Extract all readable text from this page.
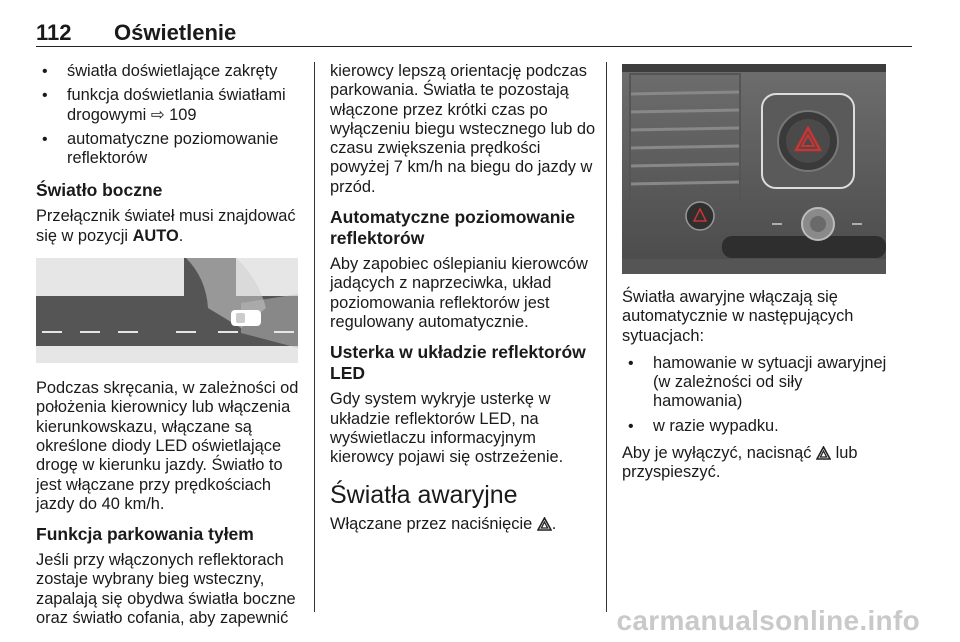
112 Oświetlenie
• światła doświetlające zakręty
• funkcja doświetlania światłami drogowymi ⇨ 109
• automatyczne poziomowanie reflektorów
Światło boczne

Przełącznik świateł musi znajdować się w pozycji AUTO.

Podczas skręcania, w zależności od położenia kierownicy lub włączenia kierunkowskazu, włączane są określone diody LED oświetlające drogę w kierunku jazdy. Światło to jest włączane przy prędkościach jazdy do 40 km/h.

Funkcja parkowania tyłem

Jeśli przy włączonych reflektorach zostaje wybrany bieg wsteczny, zapalają się obydwa światła boczne oraz światło cofania, aby zapewnić

kierowcy lepszą orientację podczas parkowania. Światła te pozostają włączone przez krótki czas po wyłączeniu biegu wstecznego lub do czasu zwiększenia prędkości powyżej 7 km/h na biegu do jazdy w przód.

Automatyczne poziomowanie reflektorów

Aby zapobiec oślepianiu kierowców jadących z naprzeciwka, układ poziomowania reflektorów jest regulowany automatycznie.

Usterka w układzie reflektorów LED

Gdy system wykryje usterkę w układzie reflektorów LED, na wyświetlaczu informacyjnym kierowcy pojawi się ostrzeżenie.

Światła awaryjne

Włączane przez naciśnięcie .

Światła awaryjne włączają się automatycznie w następujących sytuacjach:

• hamowanie w sytuacji awaryjnej (w zależności od siły hamowania)
• w razie wypadku.

Aby je wyłączyć, nacisnąć  lub przyspieszyć.

carmanualsonline.info
